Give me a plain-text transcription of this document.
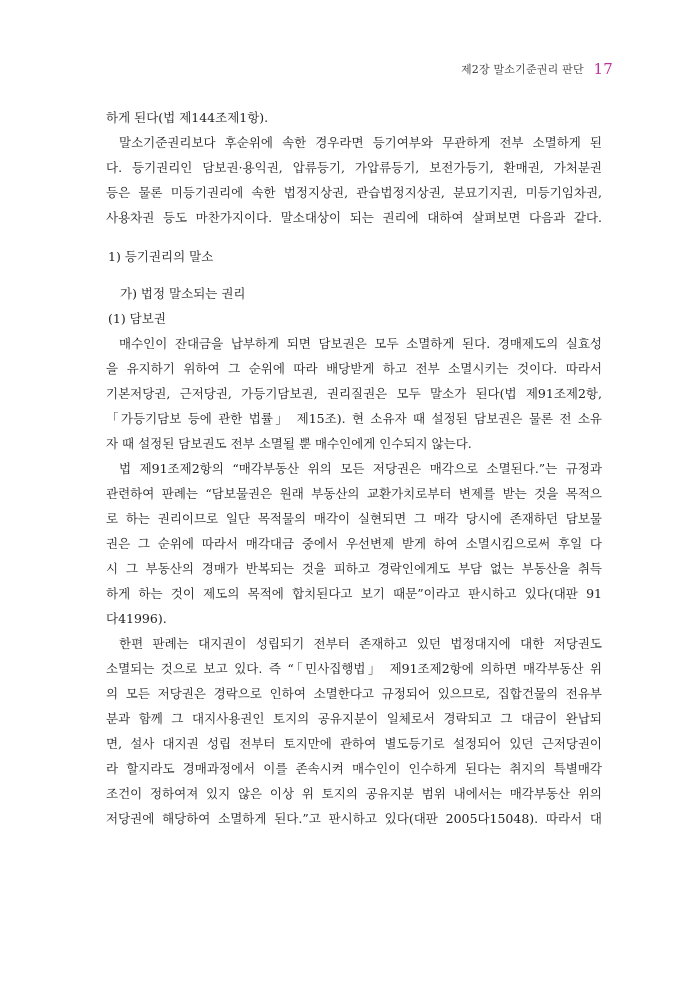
제2장 말소기준권리 판단 17
하게 된다(법 제144조제1항).
말소기준권리보다 후순위에 속한 경우라면 등기여부와 무관하게 전부 소멸하게 된
다. 등기권리인 담보권·용익권, 압류등기, 가압류등기, 보전가등기, 환매권, 가처분권
등은 물론 미등기권리에 속한 법정지상권, 관습법정지상권, 분묘기지권, 미등기임차권,
사용차권 등도 마찬가지이다. 말소대상이 되는 권리에 대하여 살펴보면 다음과 같다.
1) 등기권리의 말소
가) 법정 말소되는 권리
(1) 담보권
매수인이 잔대금을 납부하게 되면 담보권은 모두 소멸하게 된다. 경매제도의 실효성
을 유지하기 위하여 그 순위에 따라 배당받게 하고 전부 소멸시키는 것이다. 따라서
기본저당권, 근저당권, 가등기담보권, 권리질권은 모두 말소가 된다(법 제91조제2항,
「가등기담보 등에 관한 법률」 제15조). 현 소유자 때 설정된 담보권은 물론 전 소유
자 때 설정된 담보권도 전부 소멸될 뿐 매수인에게 인수되지 않는다.
법 제91조제2항의 “매각부동산 위의 모든 저당권은 매각으로 소멸된다.”는 규정과
관련하여 판례는 “담보물권은 원래 부동산의 교환가치로부터 변제를 받는 것을 목적으
로 하는 권리이므로 일단 목적물의 매각이 실현되면 그 매각 당시에 존재하던 담보물
권은 그 순위에 따라서 매각대금 중에서 우선변제 받게 하여 소멸시킴으로써 후일 다
시 그 부동산의 경매가 반복되는 것을 피하고 경락인에게도 부담 없는 부동산을 취득
하게 하는 것이 제도의 목적에 합치된다고 보기 때문”이라고 판시하고 있다(대판 91
다41996).
한편 판례는 대지권이 성립되기 전부터 존재하고 있던 법정대지에 대한 저당권도
소멸되는 것으로 보고 있다. 즉 “「민사집행법」 제91조제2항에 의하면 매각부동산 위
의 모든 저당권은 경락으로 인하여 소멸한다고 규정되어 있으므로, 집합건물의 전유부
분과 함께 그 대지사용권인 토지의 공유지분이 일체로서 경락되고 그 대금이 완납되
면, 설사 대지권 성립 전부터 토지만에 관하여 별도등기로 설정되어 있던 근저당권이
라 할지라도 경매과정에서 이를 존속시켜 매수인이 인수하게 된다는 취지의 특별매각
조건이 정하여져 있지 않은 이상 위 토지의 공유지분 범위 내에서는 매각부동산 위의
저당권에 해당하여 소멸하게 된다.”고 판시하고 있다(대판 2005다15048). 따라서 대
